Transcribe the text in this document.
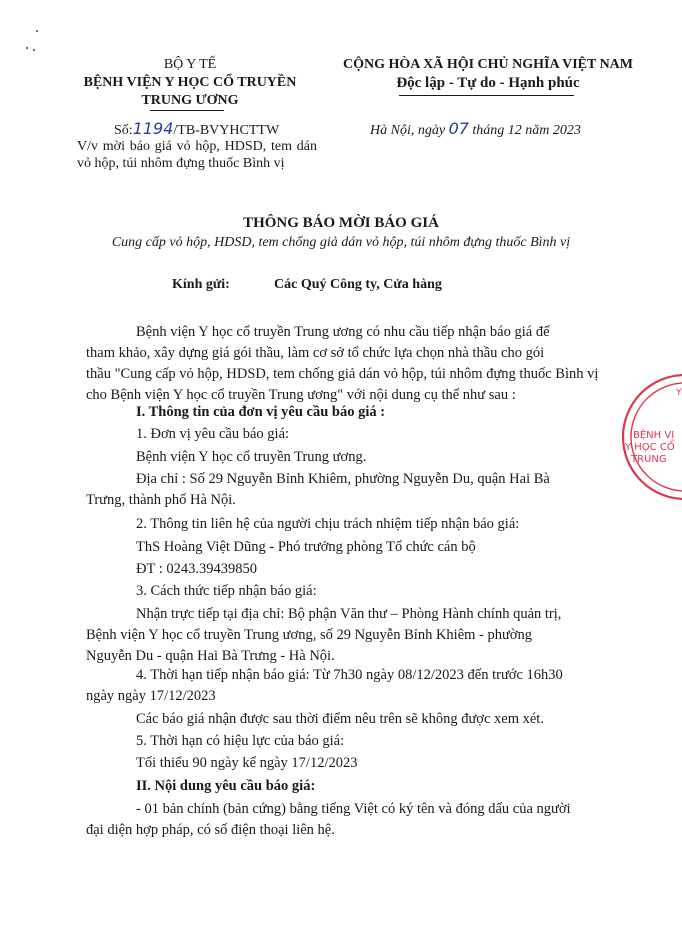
BỘ Y TẾ
BỆNH VIỆN Y HỌC CỔ TRUYỀN
TRUNG ƯƠNG
Số:1194/TB-BVYHCTTW
V/v mời báo giá vỏ hộp, HDSD, tem dán
vỏ hộp, túi nhôm đựng thuốc Bình vị
CỘNG HÒA XÃ HỘI CHỦ NGHĨA VIỆT NAM
Độc lập - Tự do - Hạnh phúc
Hà Nội, ngày 07 tháng 12 năm 2023
THÔNG BÁO MỜI BÁO GIÁ
Cung cấp vỏ hộp, HDSD, tem chống giả dán vỏ hộp, túi nhôm đựng thuốc Bình vị
Kính gửi:	Các Quý Công ty, Cửa hàng
Bệnh viện Y học cổ truyền Trung ương có nhu cầu tiếp nhận báo giá để
tham khảo, xây dựng giá gói thầu, làm cơ sở tổ chức lựa chọn nhà thầu cho gói
thầu "Cung cấp vỏ hộp, HDSD, tem chống giả dán vỏ hộp, túi nhôm đựng thuốc Bình vị
cho Bệnh viện Y học cổ truyền Trung ương" với nội dung cụ thể như sau :
I. Thông tin của đơn vị yêu cầu báo giá :
1. Đơn vị yêu cầu báo giá:
Bệnh viện Y học cổ truyền Trung ương.
Địa chỉ : Số 29 Nguyễn Bỉnh Khiêm, phường Nguyễn Du, quận Hai Bà
Trưng, thành phố Hà Nội.
2. Thông tin liên hệ của người chịu trách nhiệm tiếp nhận báo giá:
ThS Hoàng Việt Dũng - Phó trưởng phòng Tổ chức cán bộ
ĐT : 0243.39439850
3. Cách thức tiếp nhận báo giá:
Nhận trực tiếp tại địa chỉ: Bộ phận Văn thư – Phòng Hành chính quản trị,
Bệnh viện Y học cổ truyền Trung ương, số 29 Nguyễn Bỉnh Khiêm - phường
Nguyễn Du - quận Hai Bà Trưng - Hà Nội.
4. Thời hạn tiếp nhận báo giá: Từ 7h30 ngày 08/12/2023 đến trước 16h30
ngày ngày 17/12/2023
Các báo giá nhận được sau thời điểm nêu trên sẽ không được xem xét.
5. Thời hạn có hiệu lực của báo giá:
Tối thiểu 90 ngày kể ngày 17/12/2023
II. Nội dung yêu cầu báo giá:
- 01 bản chính (bản cứng) bằng tiếng Việt có ký tên và đóng dấu của người
đại diện hợp pháp, có số điện thoại liên hệ.
Y
BỆNH VI
Y HỌC CỔ
TRUNG
